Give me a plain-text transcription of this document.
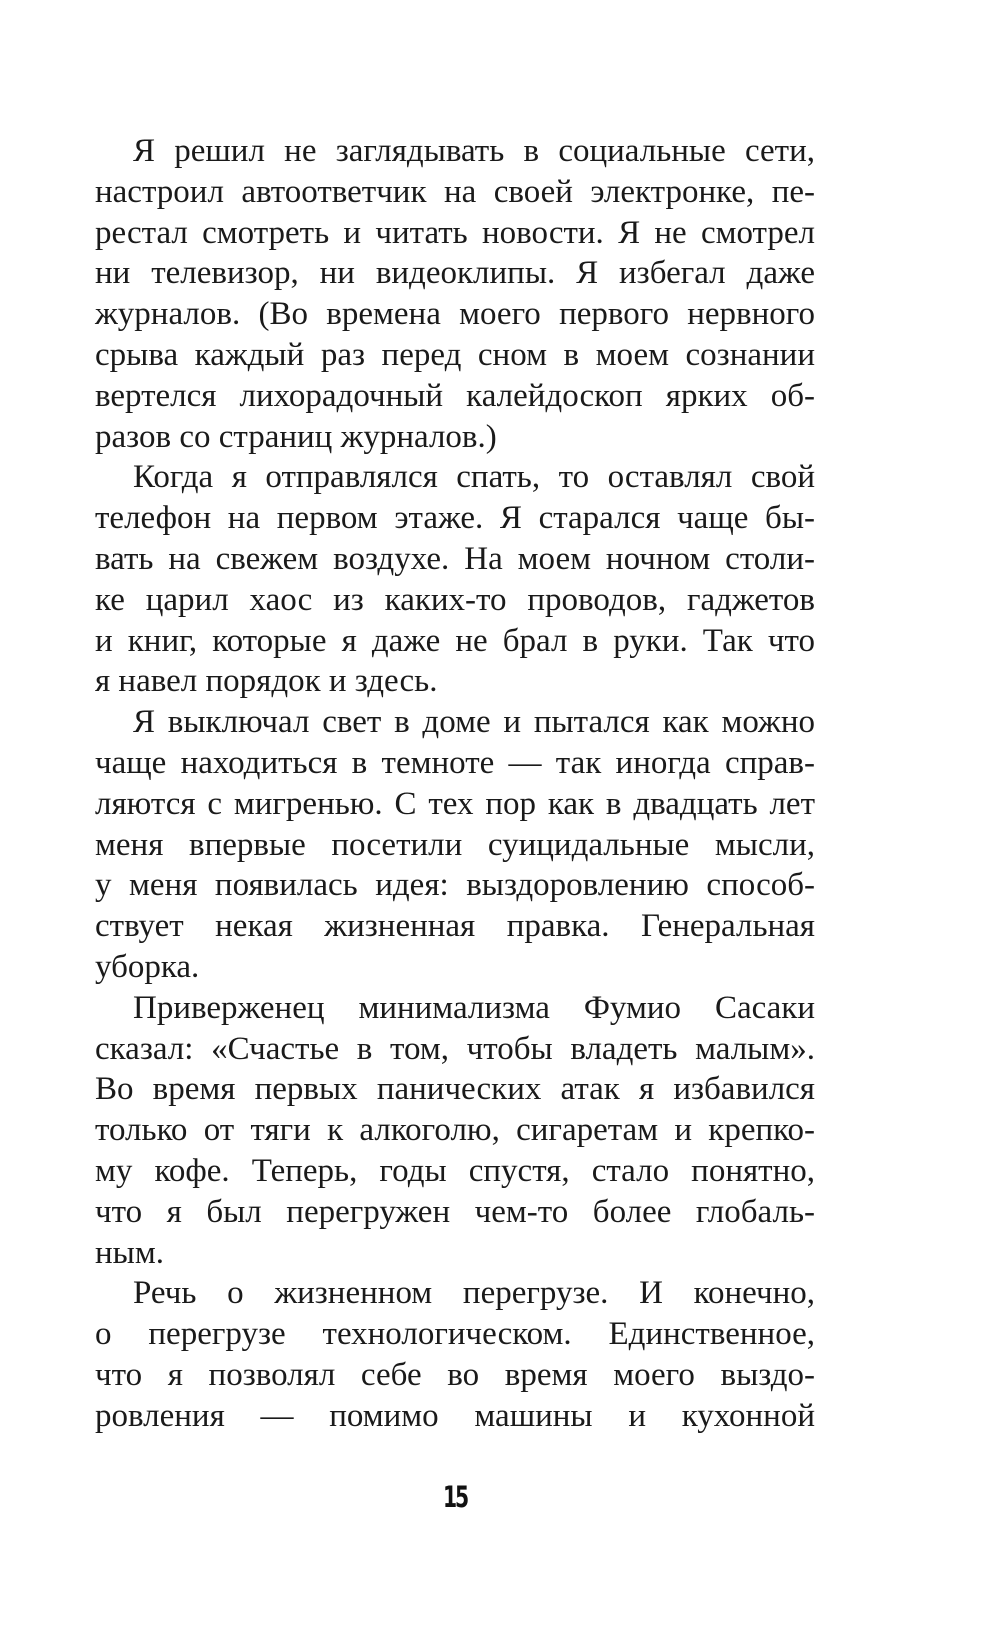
Я решил не заглядывать в социальные сети,
настроил автоответчик на своей электронке, пе-
рестал смотреть и читать новости. Я не смотрел
ни телевизор, ни видеоклипы. Я избегал даже
журналов. (Во времена моего первого нервного
срыва каждый раз перед сном в моем сознании
вертелся лихорадочный калейдоскоп ярких об-
разов со страниц журналов.)
Когда я отправлялся спать, то оставлял свой
телефон на первом этаже. Я старался чаще бы-
вать на свежем воздухе. На моем ночном столи-
ке царил хаос из каких-то проводов, гаджетов
и книг, которые я даже не брал в руки. Так что
я навел порядок и здесь.
Я выключал свет в доме и пытался как можно
чаще находиться в темноте — так иногда справ-
ляются с мигренью. С тех пор как в двадцать лет
меня впервые посетили суицидальные мысли,
у меня появилась идея: выздоровлению способ-
ствует некая жизненная правка. Генеральная
уборка.
Приверженец минимализма Фумио Сасаки
сказал: «Счастье в том, чтобы владеть малым».
Во время первых панических атак я избавился
только от тяги к алкоголю, сигаретам и крепко-
му кофе. Теперь, годы спустя, стало понятно,
что я был перегружен чем-то более глобаль-
ным.
Речь о жизненном перегрузе. И конечно,
о перегрузе технологическом. Единственное,
что я позволял себе во время моего выздо-
ровления — помимо машины и кухонной
15
